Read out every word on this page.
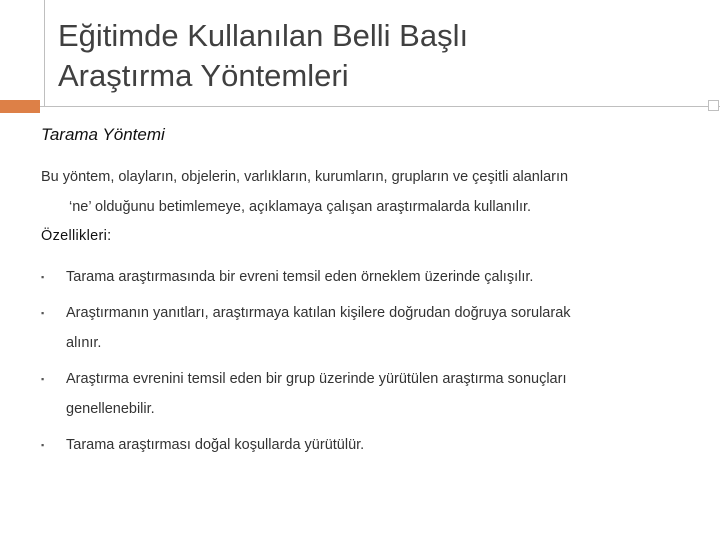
Eğitimde Kullanılan Belli Başlı
Araştırma Yöntemleri
Tarama Yöntemi
Bu yöntem, olayların, objelerin, varlıkların, kurumların, grupların ve çeşitli alanların
‘ne’ olduğunu betimlemeye, açıklamaya çalışan araştırmalarda kullanılır.
Özellikleri:
▪ Tarama araştırmasında bir evreni temsil eden örneklem üzerinde çalışılır.
▪ Araştırmanın yanıtları, araştırmaya katılan kişilere doğrudan doğruya sorularak
alınır.
▪ Araştırma evrenini temsil eden bir grup üzerinde yürütülen araştırma sonuçları
genellenebilir.
▪ Tarama araştırması doğal koşullarda yürütülür.
